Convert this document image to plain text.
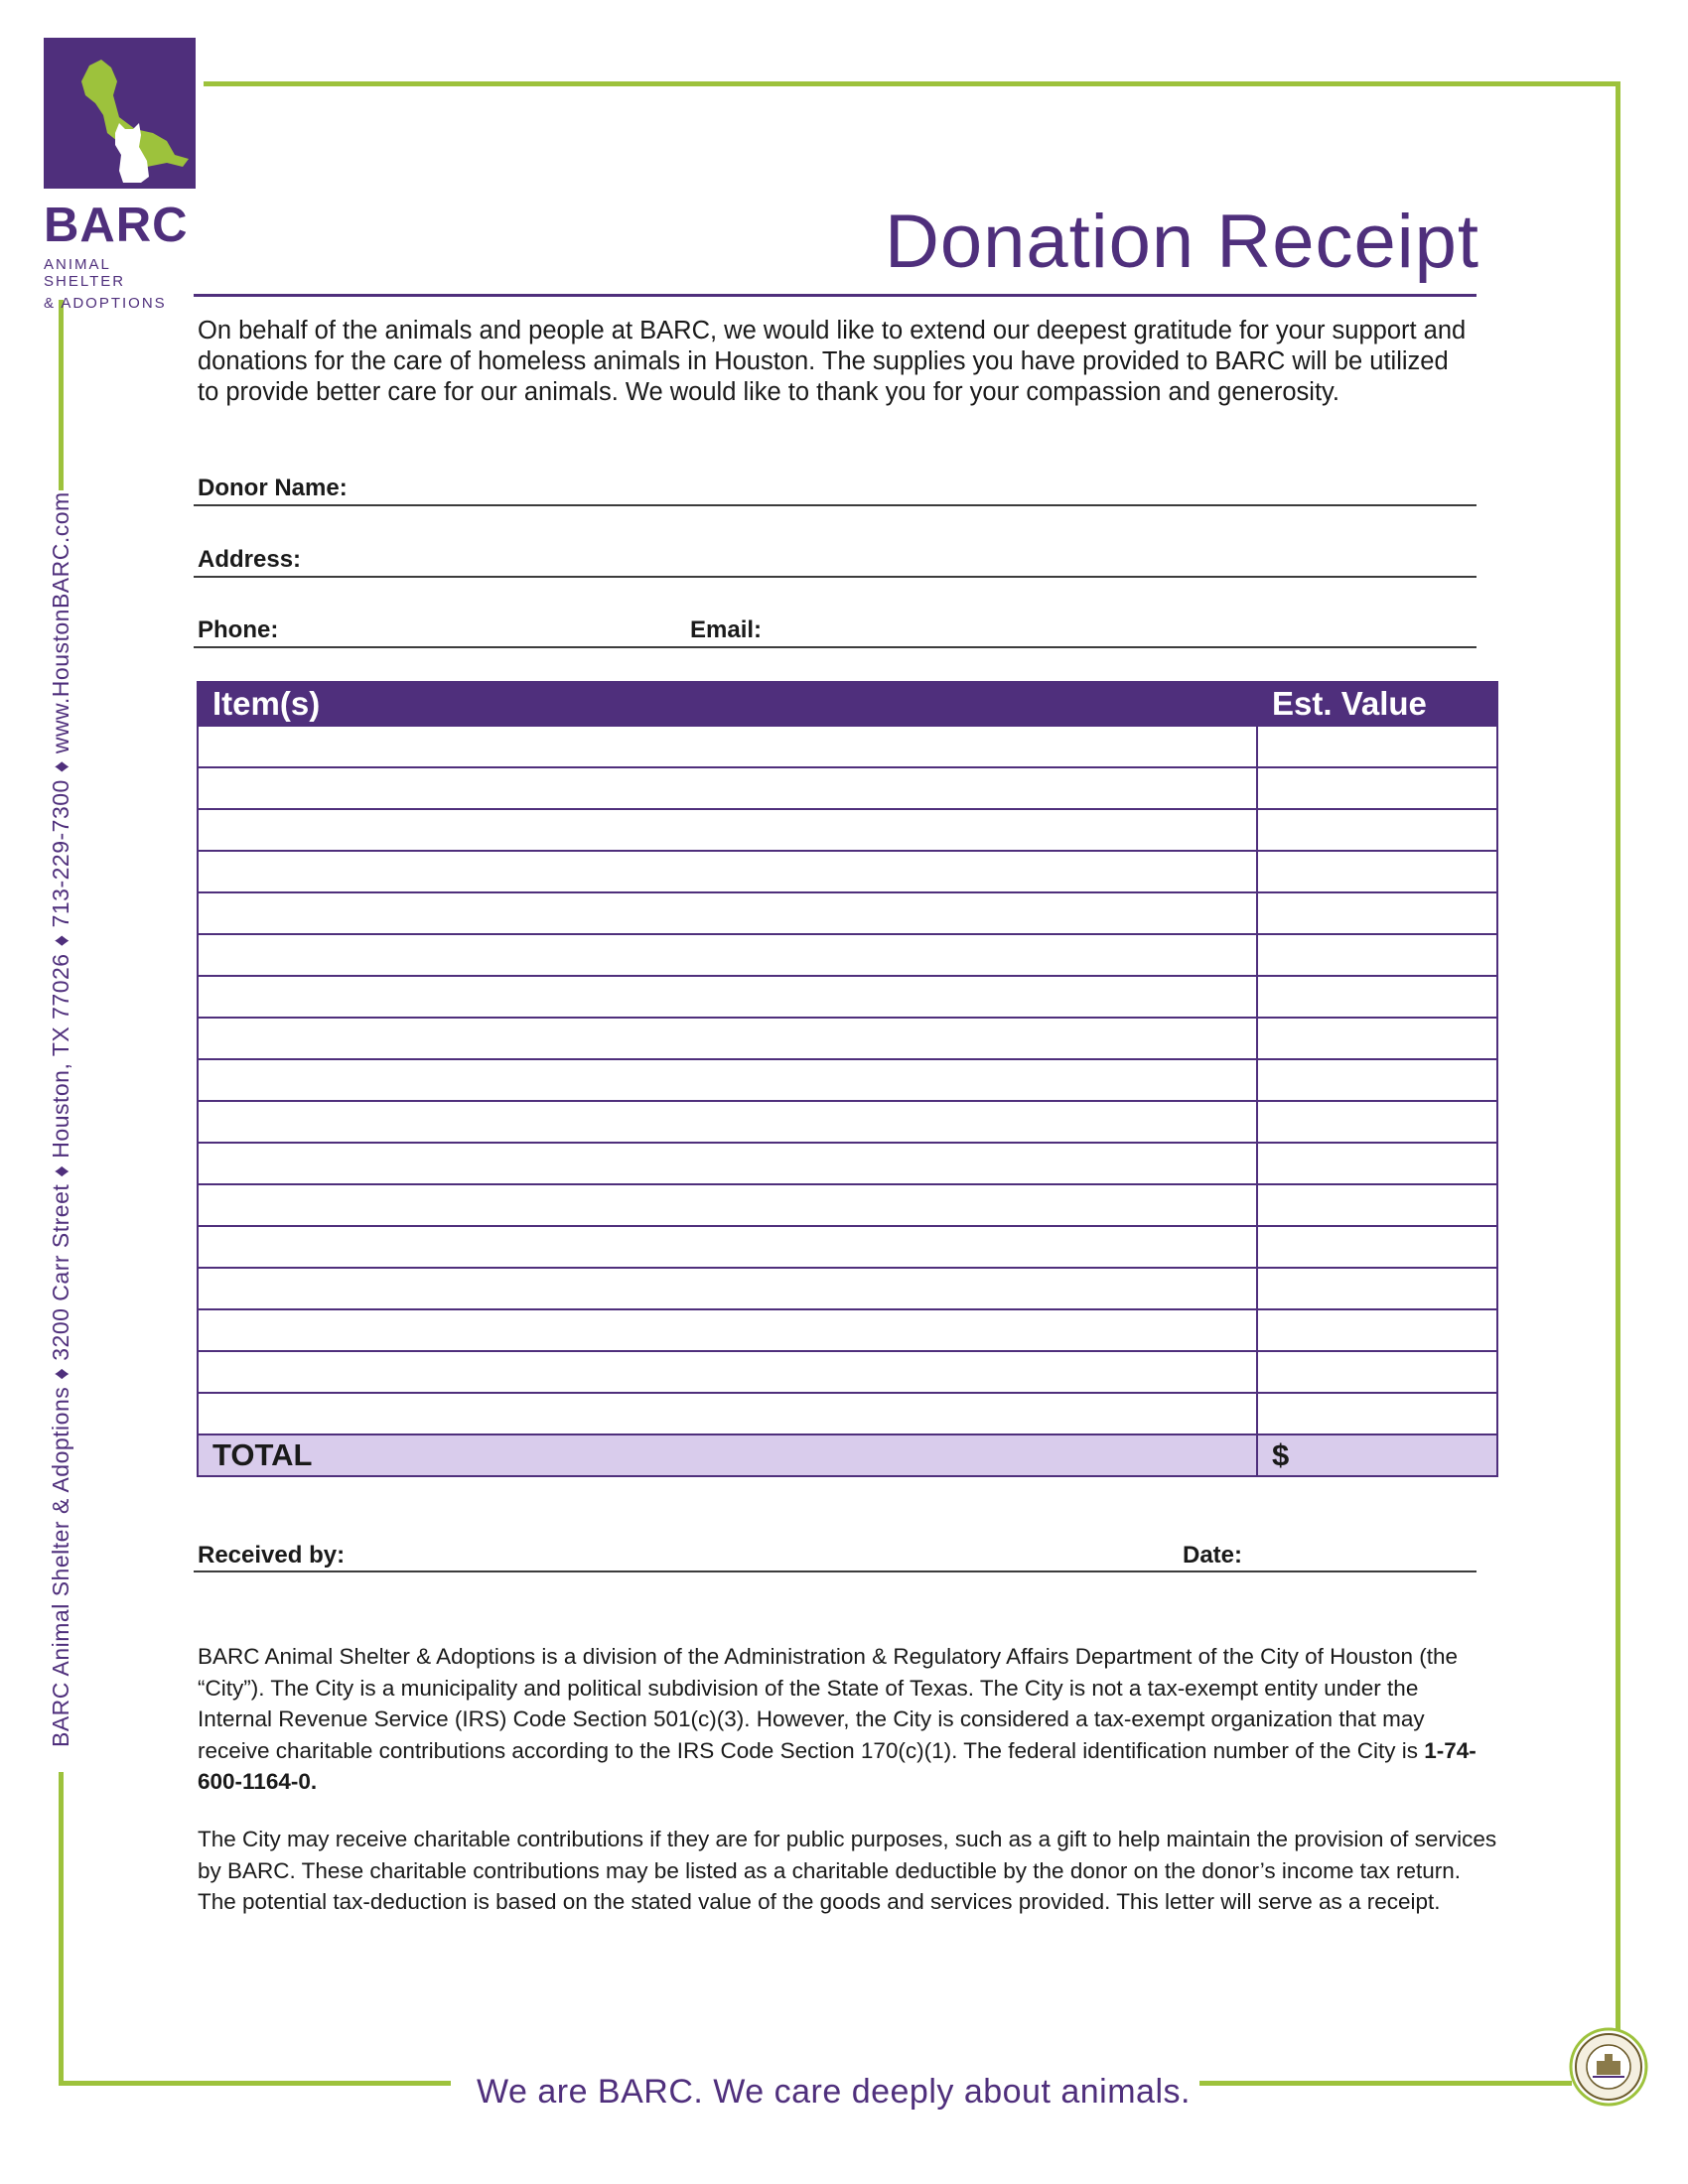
BARC
ANIMAL SHELTER
& ADOPTIONS
BARC Animal Shelter & Adoptions ♦ 3200 Carr Street ♦ Houston, TX 77026 ♦ 713-229-7300 ♦ www.HoustonBARC.com
Donation Receipt
On behalf of the animals and people at BARC, we would like to extend our deepest gratitude for your support and donations for the care of homeless animals in Houston. The supplies you have provided to BARC will be utilized to provide better care for our animals. We would like to thank you for your compassion and generosity.
Donor Name:
Address:
Phone:	Email:
Item(s)	Est. Value

TOTAL	$
Received by:	Date:
BARC Animal Shelter & Adoptions is a division of the Administration & Regulatory Affairs Department of the City of Houston (the “City”). The City is a municipality and political subdivision of the State of Texas. The City is not a tax-exempt entity under the Internal Revenue Service (IRS) Code Section 501(c)(3). However, the City is considered a tax-exempt organization that may receive charitable contributions according to the IRS Code Section 170(c)(1). The federal identification number of the City is 1-74-600-1164-0.
The City may receive charitable contributions if they are for public purposes, such as a gift to help maintain the provision of services by BARC. These charitable contributions may be listed as a charitable deductible by the donor on the donor’s income tax return. The potential tax-deduction is based on the stated value of the goods and services provided. This letter will serve as a receipt.
We are BARC. We care deeply about animals.
